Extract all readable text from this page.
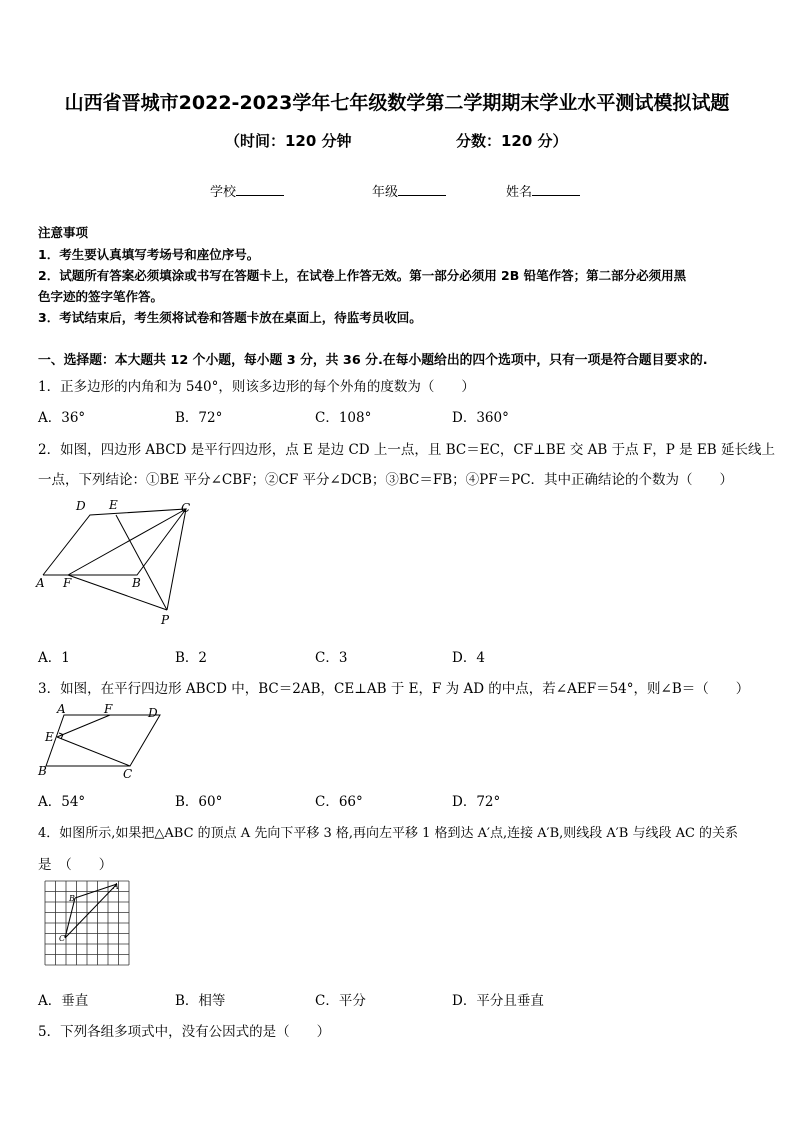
山西省晋城市2022-2023学年七年级数学第二学期期末学业水平测试模拟试题
（时间：120 分钟	分数：120 分）
学校	年级	姓名
注意事项
1．考生要认真填写考场号和座位序号。
2．试题所有答案必须填涂或书写在答题卡上，在试卷上作答无效。第一部分必须用 2B 铅笔作答；第二部分必须用黑
色字迹的签字笔作答。
3．考试结束后，考生须将试卷和答题卡放在桌面上，待监考员收回。
一、选择题：本大题共 12 个小题，每小题 3 分，共 36 分.在每小题给出的四个选项中，只有一项是符合题目要求的.
1．正多边形的内角和为 540°，则该多边形的每个外角的度数为（　　）
A．36°	B．72°	C．108°	D．360°
2．如图，四边形 ABCD 是平行四边形，点 E 是边 CD 上一点，且 BC＝EC，CF⊥BE 交 AB 于点 F，P 是 EB 延长线上
一点，下列结论：①BE 平分∠CBF；②CF 平分∠DCB；③BC＝FB；④PF＝PC．其中正确结论的个数为（　　）
D E	C
A F	B
P
A．1	B．2	C．3	D．4
3．如图，在平行四边形 ABCD 中，BC＝2AB，CE⊥AB 于 E，F 为 AD 的中点，若∠AEF＝54°，则∠B＝（　　）
A	F	D
E
B	C
A．54°	B．60°	C．66°	D．72°
4．如图所示,如果把△ABC 的顶点 A 先向下平移 3 格,再向左平移 1 格到达 A′点,连接 A′B,则线段 A′B 与线段 AC 的关系
是　（　　）
B
A
C
A．垂直	B．相等	C．平分	D．平分且垂直
5．下列各组多项式中，没有公因式的是（　　）
